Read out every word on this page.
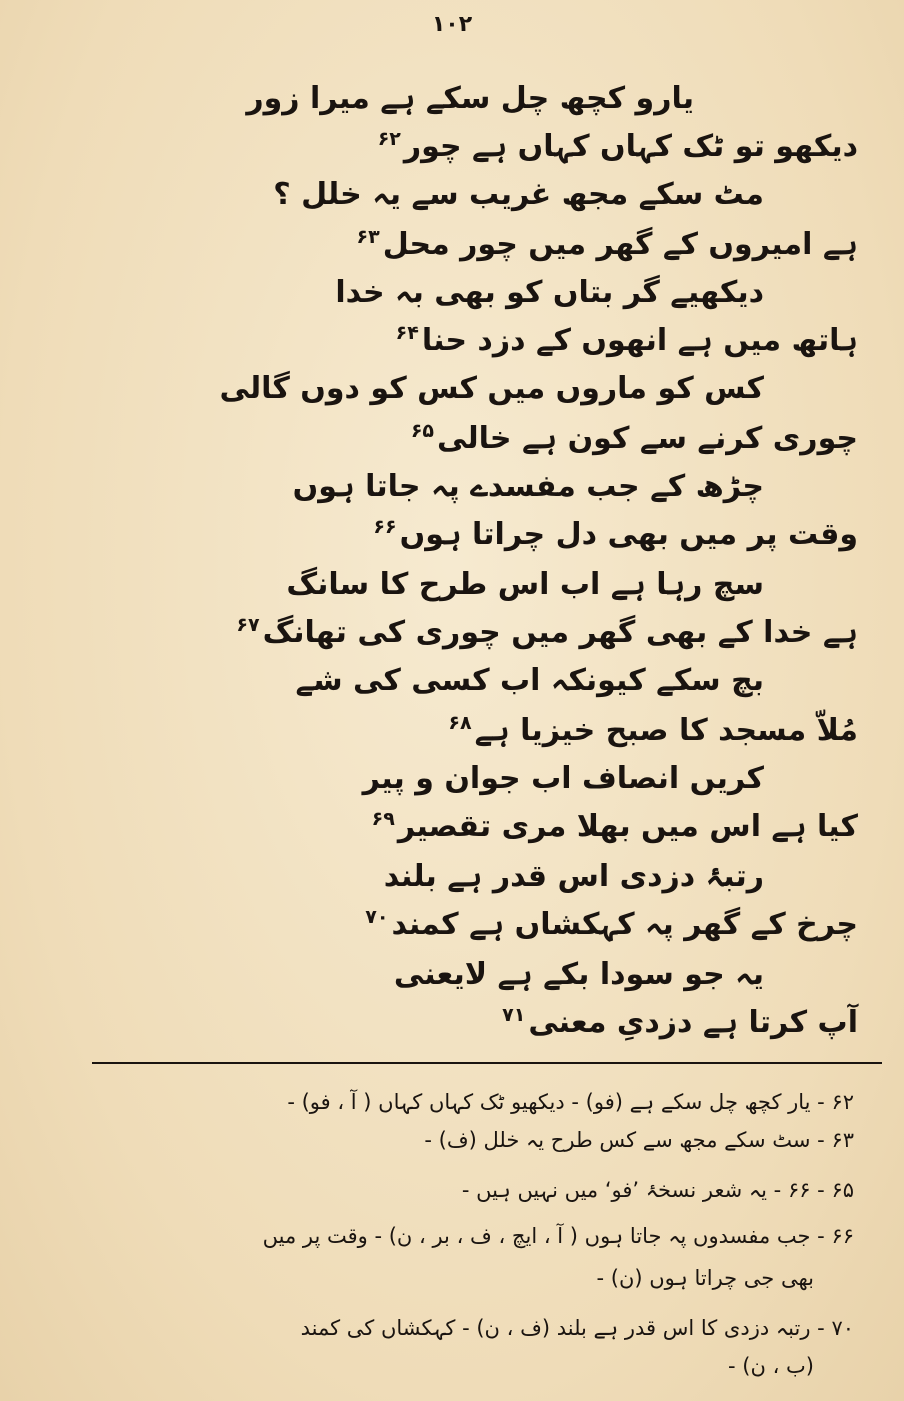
۱۰۲
یارو کچھ چل سکے ہے میرا زور
دیکھو تو ٹک کہاں کہاں ہے چور$^{۶۲}$
مٹ سکے مجھ غریب سے یہ خلل ؟
ہے امیروں کے گھر میں چور محل$^{۶۳}$
دیکھیے گر بتاں کو بھی بہ خدا
ہاتھ میں ہے انھوں کے دزد حنا$^{۶۴}$
کس کو ماروں میں کس کو دوں گالی
چوری کرنے سے کون ہے خالی$^{۶۵}$
چڑھ کے جب مفسدے پہ جاتا ہوں
وقت پر میں بھی دل چراتا ہوں$^{۶۶}$
سچ رہا ہے اب اس طرح کا سانگ
ہے خدا کے بھی گھر میں چوری کی تھانگ$^{۶۷}$
بچ سکے کیونکہ اب کسی کی شے
مُلاّ مسجد کا صبح خیزیا ہے$^{۶۸}$
کریں انصاف اب جوان و پیر
کیا ہے اس میں بھلا مری تقصیر$^{۶۹}$
رتبۂ دزدی اس قدر ہے بلند
چرخ کے گھر پہ کہکشاں ہے کمند$^{۷۰}$
یہ جو سودا بکے ہے لایعنی
آپ کرتا ہے دزدیِ معنی$^{۷۱}$
۶۲ - یار کچھ چل سکے ہے (فو) - دیکھیو ٹک کہاں کہاں ( آ ، فو) -
۶۳ - سٹ سکے مجھ سے کس طرح یہ خلل (ف) -
۶۵ - ۶۶ - یہ شعر نسخۂ ’فو‘ میں نہیں ہیں -
۶۶ - جب مفسدوں پہ جاتا ہوں ( آ ، ایچ ، ف ، بر ، ن) - وقت پر میں
بھی جی چراتا ہوں (ن) -
۷۰ - رتبہ دزدی کا اس قدر ہے بلند (ف ، ن) - کہکشاں کی کمند
(ب ، ن) -
